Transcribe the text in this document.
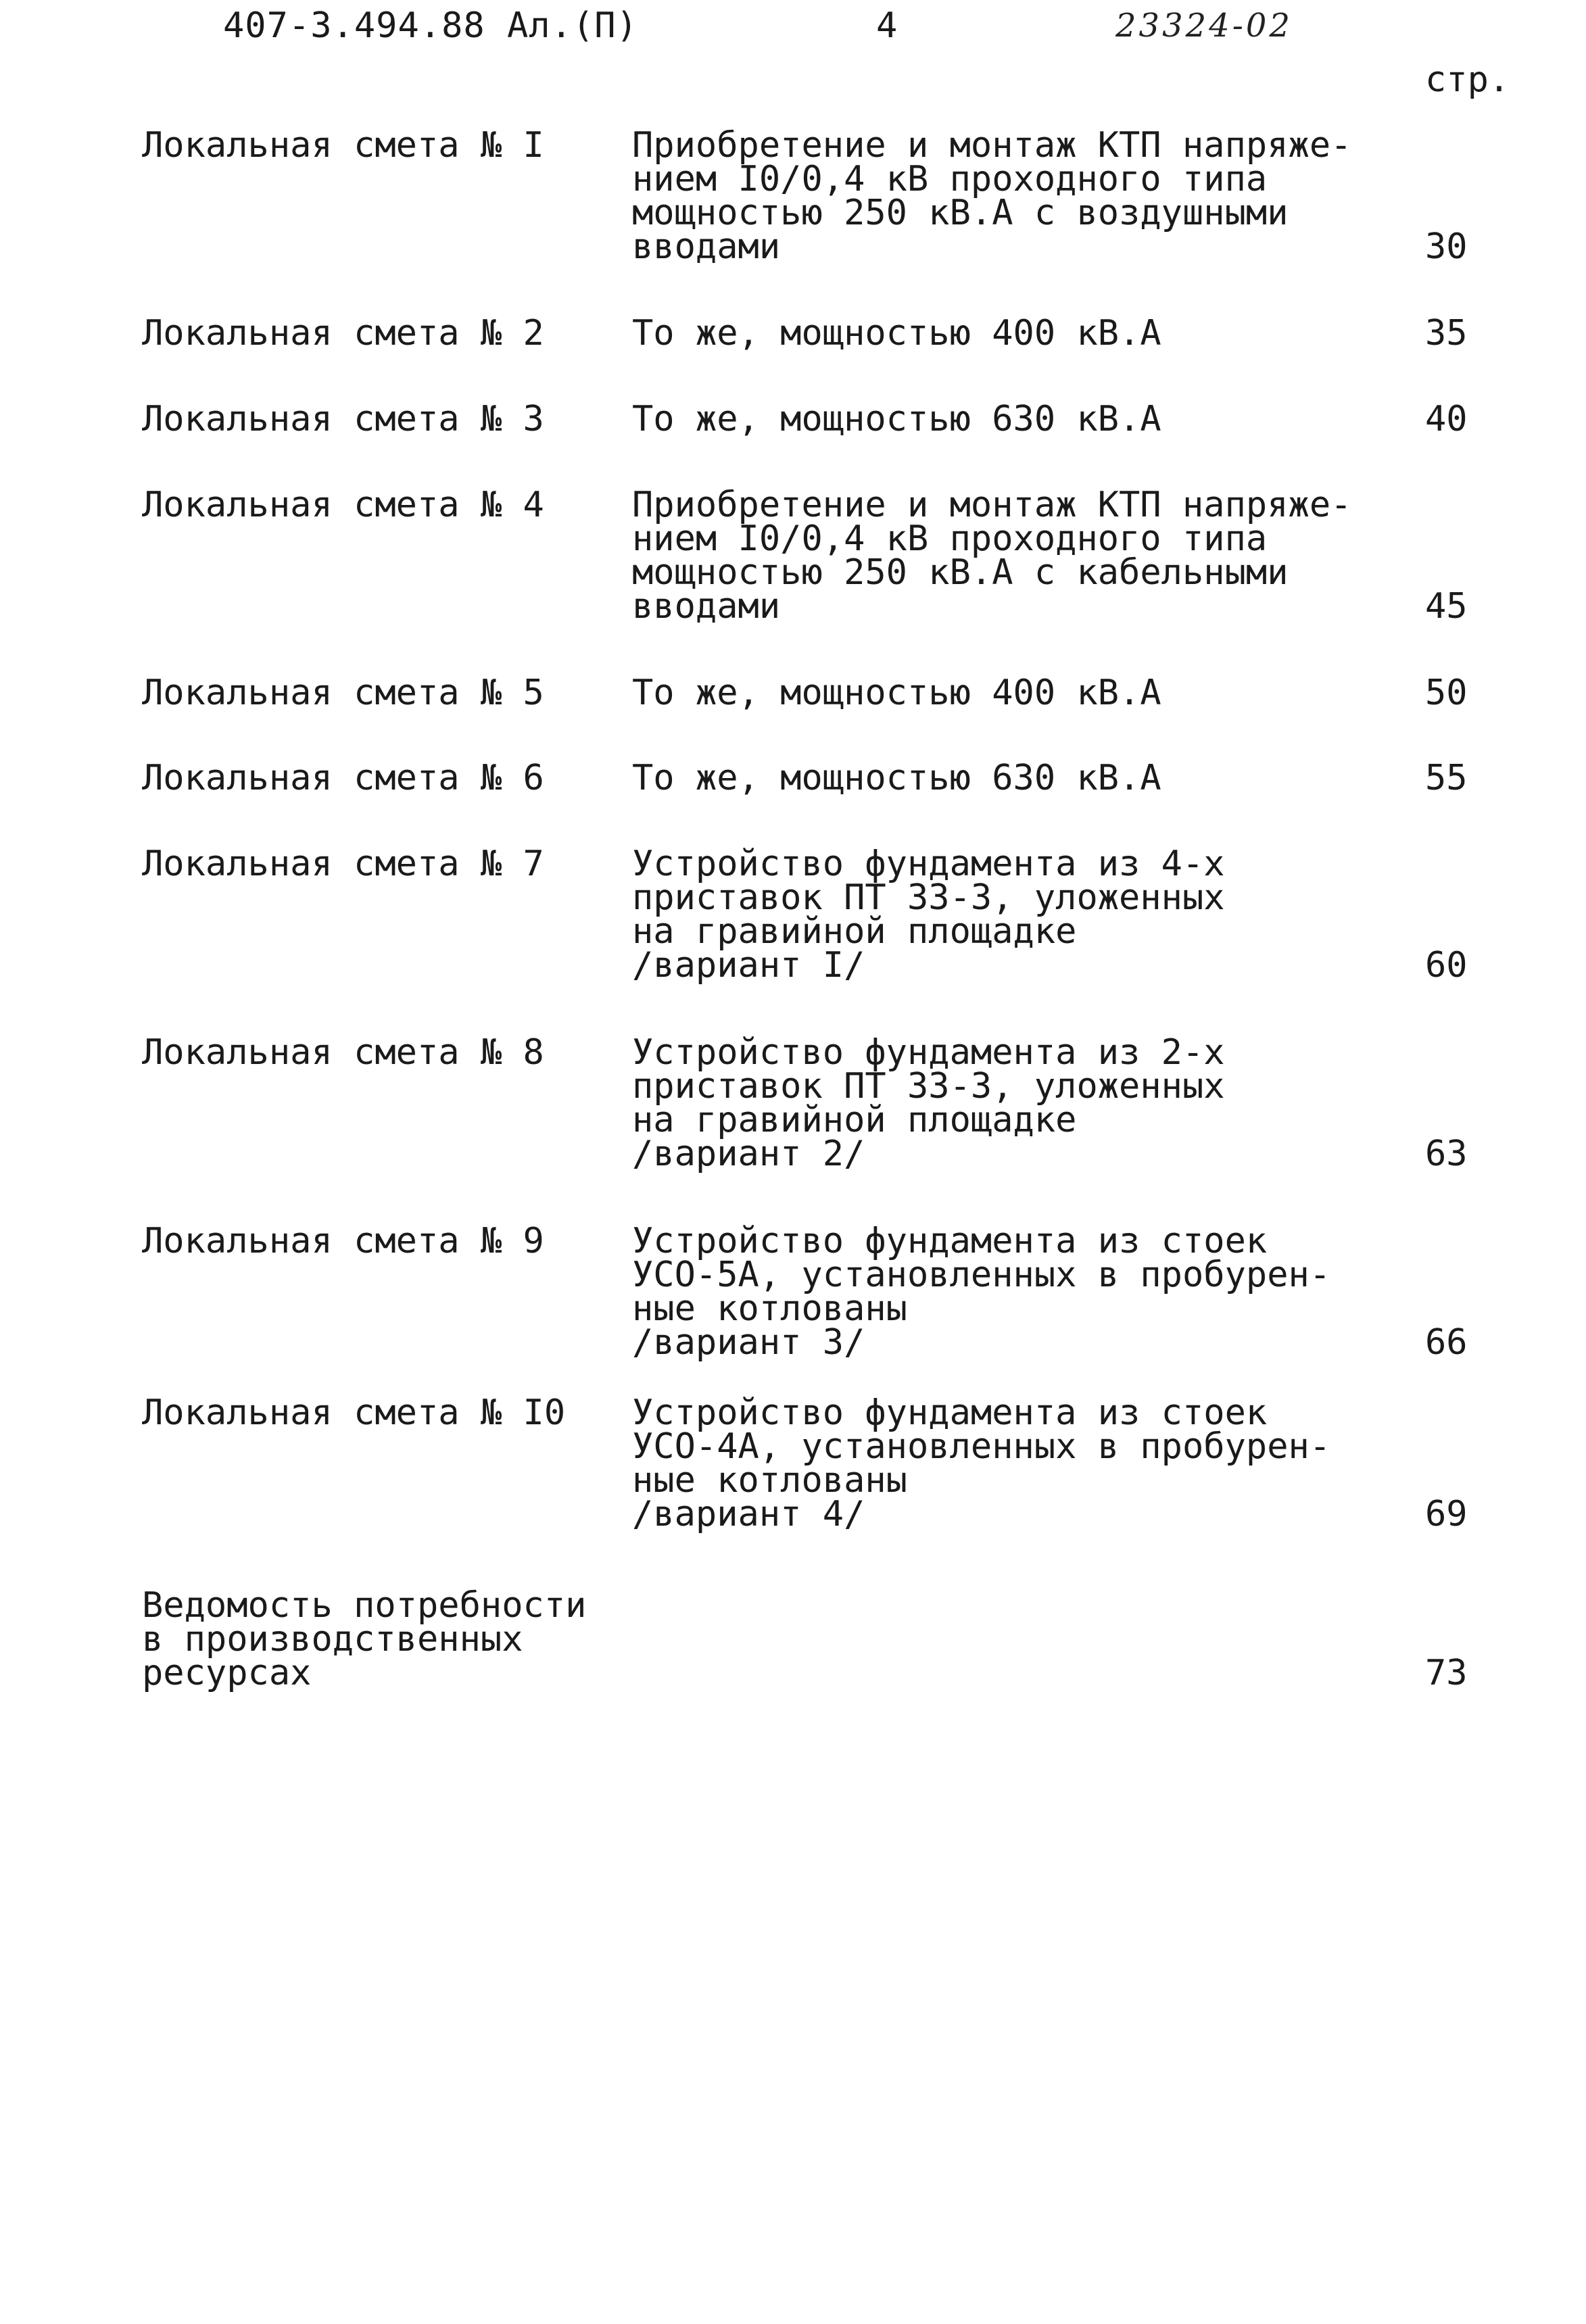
407-3.494.88 Ал.(П)	4	23324-02
стр.
Локальная смета № I	Приобретение и монтаж КТП напряже-
нием I0/0,4 кВ проходного типа
мощностью 250 кВ.А с воздушными
вводами	30
Локальная смета № 2	То же, мощностью 400 кВ.А	35
Локальная смета № 3	То же, мощностью 630 кВ.А	40
Локальная смета № 4	Приобретение и монтаж КТП напряже-
нием I0/0,4 кВ проходного типа
мощностью 250 кВ.А с кабельными
вводами	45
Локальная смета № 5	То же, мощностью 400 кВ.А	50
Локальная смета № 6	То же, мощностью 630 кВ.А	55
Локальная смета № 7	Устройство фундамента из 4-х
приставок ПТ 33-3, уложенных
на гравийной площадке
/вариант I/	60
Локальная смета № 8	Устройство фундамента из 2-х
приставок ПТ 33-3, уложенных
на гравийной площадке
/вариант 2/	63
Локальная смета № 9	Устройство фундамента из стоек
УСО-5А, установленных в пробурен-
ные котлованы
/вариант 3/	66
Локальная смета № I0 Устройство фундамента из стоек
УСО-4А, установленных в пробурен-
ные котлованы
/вариант 4/	69
Ведомость потребности
в производственных
ресурсах	73
